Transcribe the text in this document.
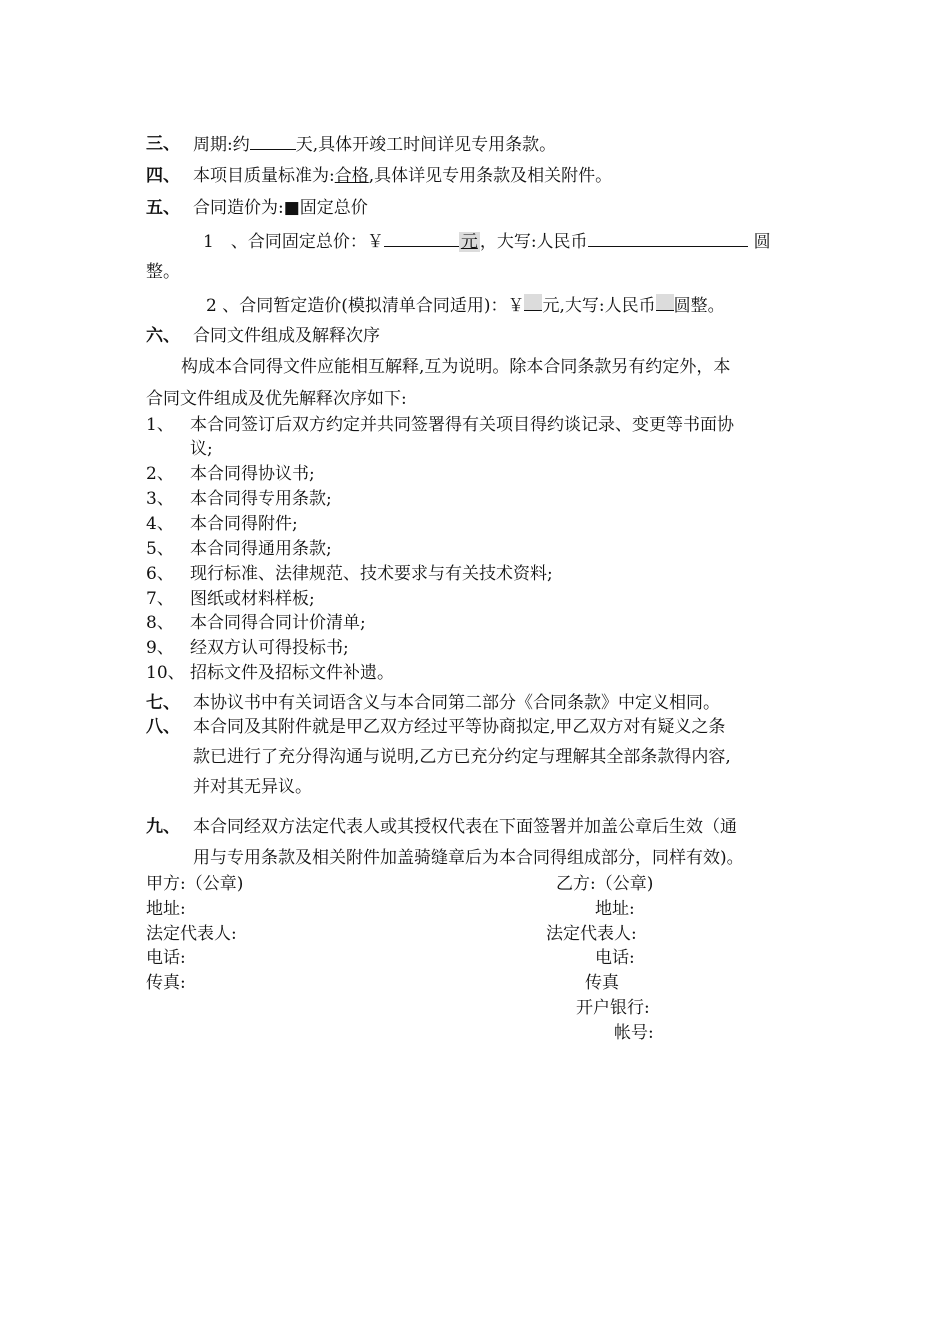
三、 周期:约	天,具体开竣工时间详见专用条款。
四、 本项目质量标准为:合格,具体详见专用条款及相关附件。
五、 合同造价为:■固定总价
1　、合同固定总价：￥	元 ，大写:人民币	圆
整。
2 、合同暂定造价(模拟清单合同适用)：￥ 元,大写:人民币 圆整。
六、 合同文件组成及解释次序
构成本合同得文件应能相互解释,互为说明。除本合同条款另有约定外，本
合同文件组成及优先解释次序如下:
1、 本合同签订后双方约定并共同签署得有关项目得约谈记录、变更等书面协
议;
2、 本合同得协议书;
3、 本合同得专用条款;
4、 本合同得附件;
5、 本合同得通用条款;
6、 现行标准、法律规范、技术要求与有关技术资料;
7、 图纸或材料样板;
8、 本合同得合同计价清单;
9、 经双方认可得投标书;
10、 招标文件及招标文件补遗。
七、 本协议书中有关词语含义与本合同第二部分《合同条款》中定义相同。
八、 本合同及其附件就是甲乙双方经过平等协商拟定,甲乙双方对有疑义之条
款已进行了充分得沟通与说明,乙方已充分约定与理解其全部条款得内容,
并对其无异议。
九、 本合同经双方法定代表人或其授权代表在下面签署并加盖公章后生效（通
用与专用条款及相关附件加盖骑缝章后为本合同得组成部分，同样有效)。
甲方:（公章)
地址:
法定代表人:
电话:
传真:
乙方:（公章)
地址:
法定代表人:
电话:
传真
开户银行:
帐号:
